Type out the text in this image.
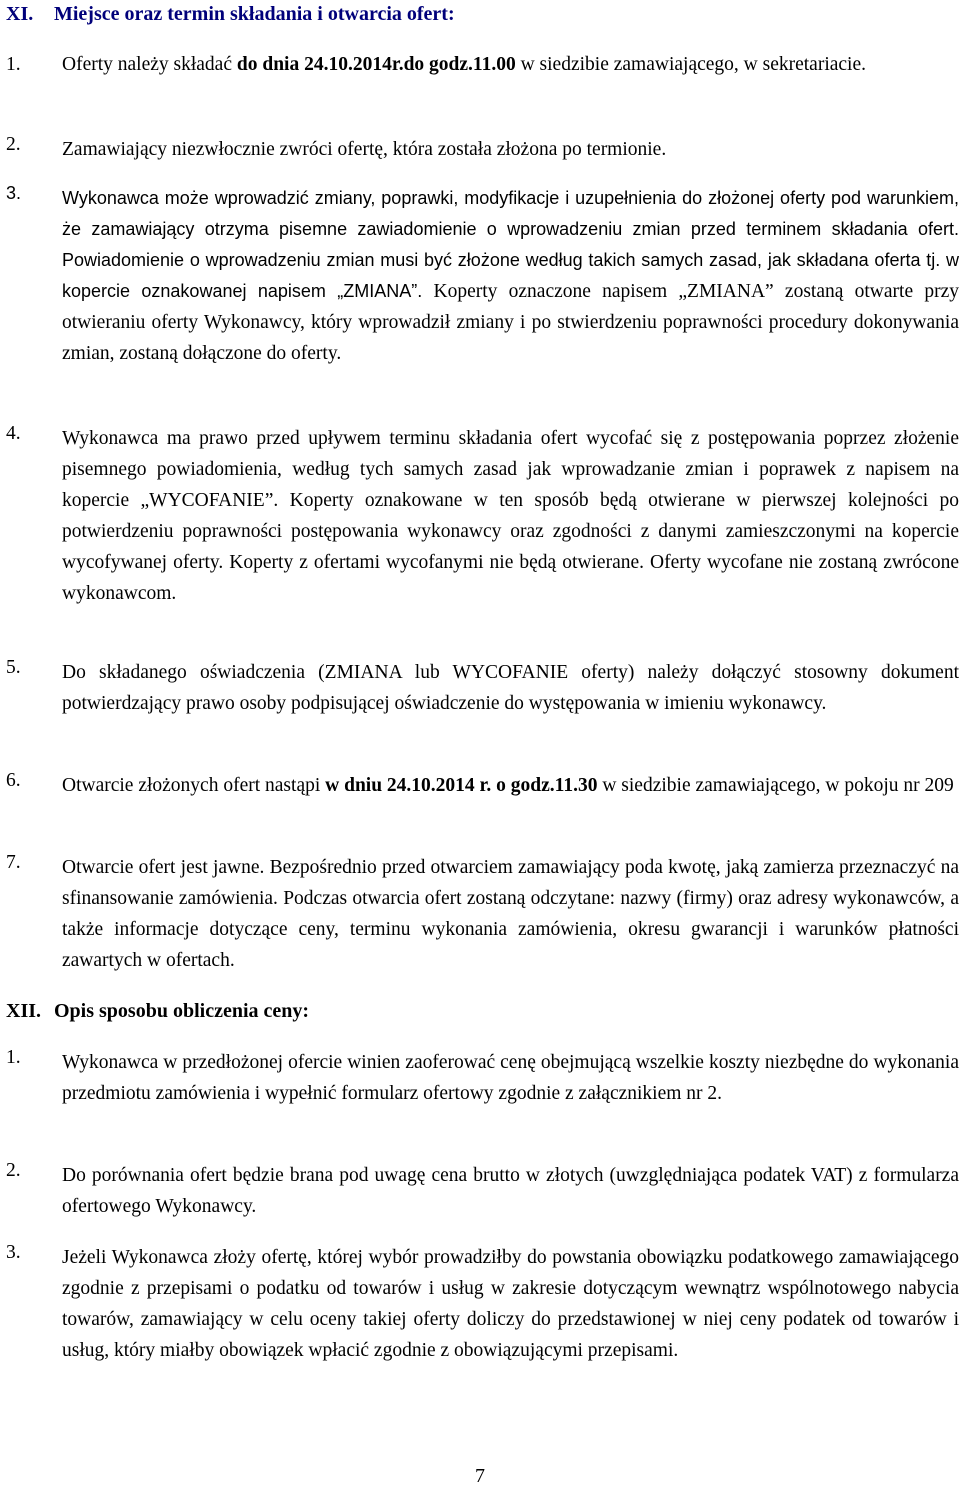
XI. Miejsce oraz termin składania i otwarcia ofert:
1. Oferty należy składać do dnia 24.10.2014r.do godz.11.00 w siedzibie zamawiającego, w sekretariacie.
2. Zamawiający niezwłocznie zwróci ofertę, która została złożona po termionie.
3. Wykonawca może wprowadzić zmiany, poprawki, modyfikacje i uzupełnienia do złożonej oferty pod warunkiem, że zamawiający otrzyma pisemne zawiadomienie o wprowadzeniu zmian przed terminem składania ofert. Powiadomienie o wprowadzeniu zmian musi być złożone według takich samych zasad, jak składana oferta tj. w kopercie oznakowanej napisem „ZMIANA”. Koperty oznaczone napisem „ZMIANA” zostaną otwarte przy otwieraniu oferty Wykonawcy, który wprowadził zmiany i po stwierdzeniu poprawności procedury dokonywania zmian, zostaną dołączone do oferty.
4. Wykonawca ma prawo przed upływem terminu składania ofert wycofać się z postępowania poprzez złożenie pisemnego powiadomienia, według tych samych zasad jak wprowadzanie zmian i poprawek z napisem na kopercie „WYCOFANIE”. Koperty oznakowane w ten sposób będą otwierane w pierwszej kolejności po potwierdzeniu poprawności postępowania wykonawcy oraz zgodności z danymi zamieszczonymi na kopercie wycofywanej oferty. Koperty z ofertami wycofanymi nie będą otwierane. Oferty wycofane nie zostaną zwrócone wykonawcom.
5. Do składanego oświadczenia (ZMIANA lub WYCOFANIE oferty) należy dołączyć stosowny dokument potwierdzający prawo osoby podpisującej oświadczenie do występowania w imieniu wykonawcy.
6. Otwarcie złożonych ofert nastąpi w dniu 24.10.2014 r. o godz.11.30 w siedzibie zamawiającego, w pokoju nr 209
7. Otwarcie ofert jest jawne. Bezpośrednio przed otwarciem zamawiający poda kwotę, jaką zamierza przeznaczyć na sfinansowanie zamówienia. Podczas otwarcia ofert zostaną odczytane: nazwy (firmy) oraz adresy wykonawców, a także informacje dotyczące ceny, terminu wykonania zamówienia, okresu gwarancji i warunków płatności zawartych w ofertach.
XII. Opis sposobu obliczenia ceny:
1. Wykonawca w przedłożonej ofercie winien zaoferować cenę obejmującą wszelkie koszty niezbędne do wykonania przedmiotu zamówienia i wypełnić formularz ofertowy zgodnie z załącznikiem nr 2.
2. Do porównania ofert będzie brana pod uwagę cena brutto w złotych (uwzględniająca podatek VAT) z formularza ofertowego Wykonawcy.
3. Jeżeli Wykonawca złoży ofertę, której wybór prowadziłby do powstania obowiązku podatkowego zamawiającego zgodnie z przepisami o podatku od towarów i usług w zakresie dotyczącym wewnątrz wspólnotowego nabycia towarów, zamawiający w celu oceny takiej oferty doliczy do przedstawionej w niej ceny podatek od towarów i usług, który miałby obowiązek wpłacić zgodnie z obowiązującymi przepisami.
7
